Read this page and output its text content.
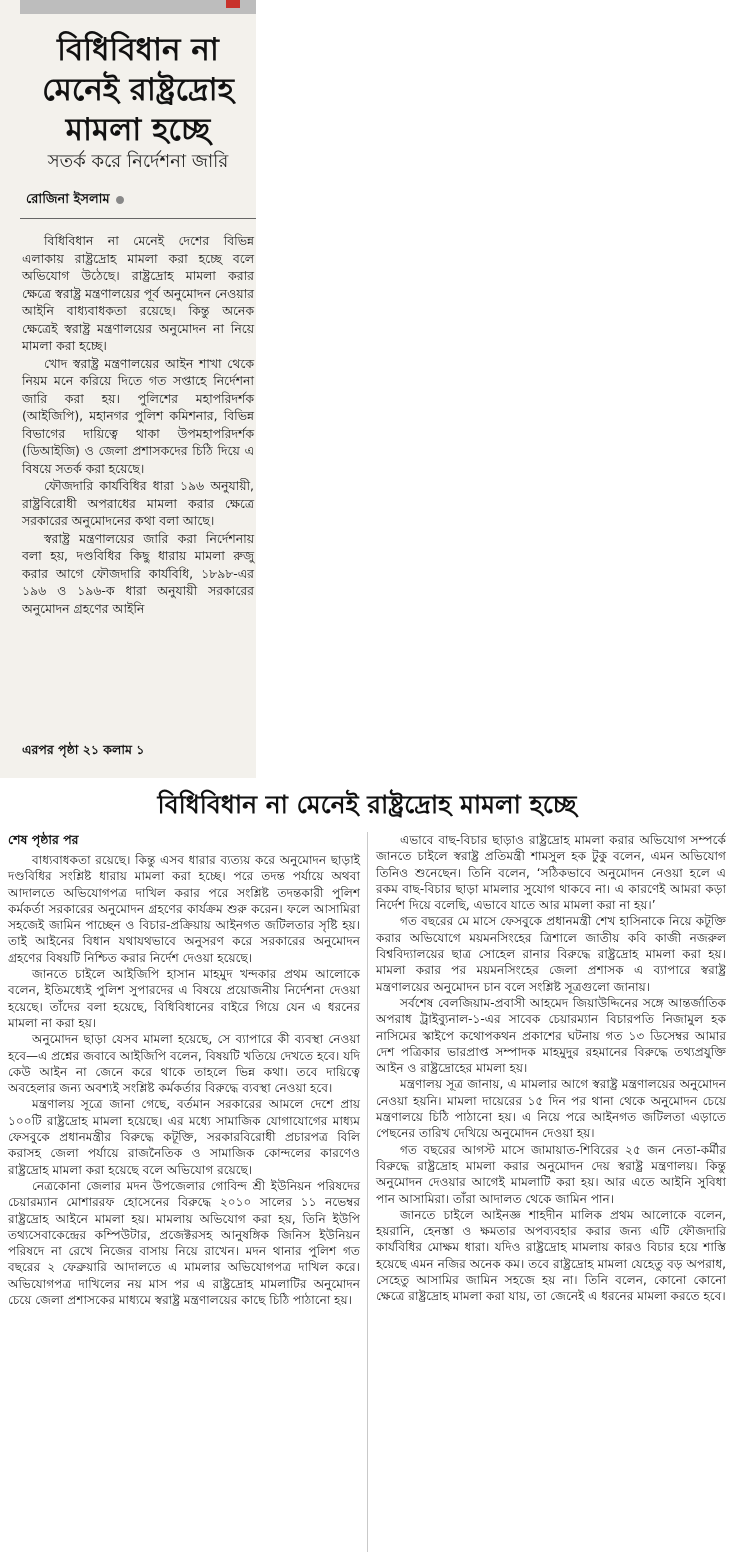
বিধিবিধান না মেনেই রাষ্ট্রদ্রোহ মামলা হচ্ছে
সতর্ক করে নির্দেশনা জারি
রোজিনা ইসলাম

বিধিবিধান না মেনেই দেশের বিভিন্ন এলাকায় রাষ্ট্রদ্রোহ মামলা করা হচ্ছে বলে অভিযোগ উঠেছে। রাষ্ট্রদ্রোহ মামলা করার ক্ষেত্রে স্বরাষ্ট্র মন্ত্রণালয়ের পূর্ব অনুমোদন নেওয়ার আইনি বাধ্যবাধকতা রয়েছে। কিন্তু অনেক ক্ষেত্রেই স্বরাষ্ট্র মন্ত্রণালয়ের অনুমোদন না নিয়ে মামলা করা হচ্ছে।

খোদ স্বরাষ্ট্র মন্ত্রণালয়ের আইন শাখা থেকে নিয়ম মনে করিয়ে দিতে গত সপ্তাহে নির্দেশনা জারি করা হয়। পুলিশের মহাপরিদর্শক (আইজিপি), মহানগর পুলিশ কমিশনার, বিভিন্ন বিভাগের দায়িত্বে থাকা উপমহাপরিদর্শক (ডিআইজি) ও জেলা প্রশাসকদের চিঠি দিয়ে এ বিষয়ে সতর্ক করা হয়েছে।

ফৌজদারি কার্যবিধির ধারা ১৯৬ অনুযায়ী, রাষ্ট্রবিরোধী অপরাধের মামলা করার ক্ষেত্রে সরকারের অনুমোদনের কথা বলা আছে।

স্বরাষ্ট্র মন্ত্রণালয়ের জারি করা নির্দেশনায় বলা হয়, দণ্ডবিধির কিছু ধারায় মামলা রুজু করার আগে ফৌজদারি কার্যবিধি, ১৮৯৮-এর ১৯৬ ও ১৯৬-ক ধারা অনুযায়ী সরকারের অনুমোদন গ্রহণের আইনি

এরপর পৃষ্ঠা ২১ কলাম ১
বিধিবিধান না মেনেই রাষ্ট্রদ্রোহ মামলা হচ্ছে
শেষ পৃষ্ঠার পর

বাধ্যবাধকতা রয়েছে। কিন্তু এসব ধারার ব্যত্যয় করে অনুমোদন ছাড়াই দণ্ডবিধির সংশ্লিষ্ট ধারায় মামলা করা হচ্ছে। পরে তদন্ত পর্যায়ে অথবা আদালতে অভিযোগপত্র দাখিল করার পরে সংশ্লিষ্ট তদন্তকারী পুলিশ কর্মকর্তা সরকারের অনুমোদন গ্রহণের কার্যক্রম শুরু করেন। ফলে আসামিরা সহজেই জামিন পাচ্ছেন ও বিচার-প্রক্রিয়ায় আইনগত জটিলতার সৃষ্টি হয়। তাই আইনের বিধান যথাযথভাবে অনুসরণ করে সরকারের অনুমোদন গ্রহণের বিষয়টি নিশ্চিত করার নির্দেশ দেওয়া হয়েছে।

জানতে চাইলে আইজিপি হাসান মাহমুদ খন্দকার প্রথম আলোকে বলেন, ইতিমধ্যেই পুলিশ সুপারদের এ বিষয়ে প্রয়োজনীয় নির্দেশনা দেওয়া হয়েছে। তাঁদের বলা হয়েছে, বিধিবিধানের বাইরে গিয়ে যেন এ ধরনের মামলা না করা হয়।

অনুমোদন ছাড়া যেসব মামলা হয়েছে, সে ব্যাপারে কী ব্যবস্থা নেওয়া হবে—এ প্রশ্নের জবাবে আইজিপি বলেন, বিষয়টি খতিয়ে দেখতে হবে। যদি কেউ আইন না জেনে করে থাকে তাহলে ভিন্ন কথা। তবে দায়িত্বে অবহেলার জন্য অবশ্যই সংশ্লিষ্ট কর্মকর্তার বিরুদ্ধে ব্যবস্থা নেওয়া হবে।

মন্ত্রণালয় সূত্রে জানা গেছে, বর্তমান সরকারের আমলে দেশে প্রায় ১০০টি রাষ্ট্রদ্রোহ মামলা হয়েছে। এর মধ্যে সামাজিক যোগাযোগের মাধ্যম ফেসবুকে প্রধানমন্ত্রীর বিরুদ্ধে কটূক্তি, সরকারবিরোধী প্রচারপত্র বিলি করাসহ জেলা পর্যায়ে রাজনৈতিক ও সামাজিক কোন্দলের কারণেও রাষ্ট্রদ্রোহ মামলা করা হয়েছে বলে অভিযোগ রয়েছে।

নেত্রকোনা জেলার মদন উপজেলার গোবিন্দ শ্রী ইউনিয়ন পরিষদের চেয়ারম্যান মোশাররফ হোসেনের বিরুদ্ধে ২০১০ সালের ১১ নভেম্বর রাষ্ট্রদ্রোহ আইনে মামলা হয়। মামলায় অভিযোগ করা হয়, তিনি ইউপি তথ্যসেবাকেন্দ্রের কম্পিউটার, প্রজেক্টরসহ আনুষঙ্গিক জিনিস ইউনিয়ন পরিষদে না রেখে নিজের বাসায় নিয়ে রাখেন। মদন থানার পুলিশ গত বছরের ২ ফেব্রুয়ারি আদালতে এ মামলার অভিযোগপত্র দাখিল করে। অভিযোগপত্র দাখিলের নয় মাস পর এ রাষ্ট্রদ্রোহ মামলাটির অনুমোদন চেয়ে জেলা প্রশাসকের মাধ্যমে স্বরাষ্ট্র মন্ত্রণালয়ের কাছে চিঠি পাঠানো হয়।

এভাবে বাছ-বিচার ছাড়াও রাষ্ট্রদ্রোহ মামলা করার অভিযোগ সম্পর্কে জানতে চাইলে স্বরাষ্ট্র প্রতিমন্ত্রী শামসুল হক টুকু বলেন, এমন অভিযোগ তিনিও শুনেছেন। তিনি বলেন, ‘সঠিকভাবে অনুমোদন নেওয়া হলে এ রকম বাছ-বিচার ছাড়া মামলার সুযোগ থাকবে না। এ কারণেই আমরা কড়া নির্দেশ দিয়ে বলেছি, এভাবে যাতে আর মামলা করা না হয়।’

গত বছরের মে মাসে ফেসবুকে প্রধানমন্ত্রী শেখ হাসিনাকে নিয়ে কটূক্তি করার অভিযোগে ময়মনসিংহের ত্রিশালে জাতীয় কবি কাজী নজরুল বিশ্ববিদ্যালয়ের ছাত্র সোহেল রানার বিরুদ্ধে রাষ্ট্রদ্রোহ মামলা করা হয়। মামলা করার পর ময়মনসিংহের জেলা প্রশাসক এ ব্যাপারে স্বরাষ্ট্র মন্ত্রণালয়ের অনুমোদন চান বলে সংশ্লিষ্ট সূত্রগুলো জানায়।

সর্বশেষ বেলজিয়াম-প্রবাসী আহমেদ জিয়াউদ্দিনের সঙ্গে আন্তর্জাতিক অপরাধ ট্রাইব্যুনাল-১-এর সাবেক চেয়ারম্যান বিচারপতি নিজামুল হক নাসিমের স্কাইপে কথোপকথন প্রকাশের ঘটনায় গত ১৩ ডিসেম্বর আমার দেশ পত্রিকার ভারপ্রাপ্ত সম্পাদক মাহমুদুর রহমানের বিরুদ্ধে তথ্যপ্রযুক্তি আইন ও রাষ্ট্রদ্রোহের মামলা হয়।

মন্ত্রণালয় সূত্র জানায়, এ মামলার আগে স্বরাষ্ট্র মন্ত্রণালয়ের অনুমোদন নেওয়া হয়নি। মামলা দায়েরের ১৫ দিন পর থানা থেকে অনুমোদন চেয়ে মন্ত্রণালয়ে চিঠি পাঠানো হয়। এ নিয়ে পরে আইনগত জটিলতা এড়াতে পেছনের তারিখ দেখিয়ে অনুমোদন দেওয়া হয়।

গত বছরের আগস্ট মাসে জামায়াত-শিবিরের ২৫ জন নেতা-কর্মীর বিরুদ্ধে রাষ্ট্রদ্রোহ মামলা করার অনুমোদন দেয় স্বরাষ্ট্র মন্ত্রণালয়। কিন্তু অনুমোদন দেওয়ার আগেই মামলাটি করা হয়। আর এতে আইনি সুবিধা পান আসামিরা। তাঁরা আদালত থেকে জামিন পান।

জানতে চাইলে আইনজ্ঞ শাহদীন মালিক প্রথম আলোকে বলেন, হয়রানি, হেনস্তা ও ক্ষমতার অপব্যবহার করার জন্য এটি ফৌজদারি কার্যবিধির মোক্ষম ধারা। যদিও রাষ্ট্রদ্রোহ মামলায় কারও বিচার হয়ে শাস্তি হয়েছে এমন নজির অনেক কম। তবে রাষ্ট্রদ্রোহ মামলা যেহেতু বড় অপরাধ, সেহেতু আসামির জামিন সহজে হয় না। তিনি বলেন, কোনো কোনো ক্ষেত্রে রাষ্ট্রদ্রোহ মামলা করা যায়, তা জেনেই এ ধরনের মামলা করতে হবে।
